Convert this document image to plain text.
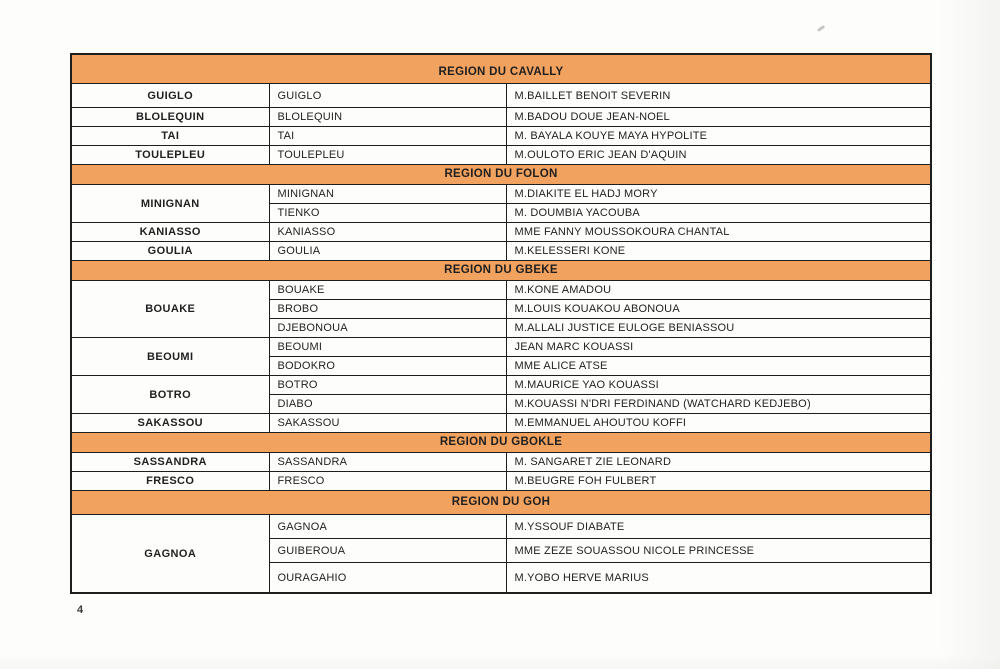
REGION DU CAVALLY		
GUIGLO	GUIGLO	M.BAILLET BENOIT SEVERIN
BLOLEQUIN	BLOLEQUIN	M.BADOU DOUE JEAN-NOEL
TAI	TAI	M. BAYALA KOUYE MAYA HYPOLITE
TOULEPLEU	TOULEPLEU	M.OULOTO ERIC JEAN D'AQUIN
REGION DU FOLON		
MINIGNAN	MINIGNAN	M.DIAKITE EL HADJ MORY
	TIENKO	M. DOUMBIA YACOUBA
KANIASSO	KANIASSO	MME FANNY MOUSSOKOURA CHANTAL
GOULIA	GOULIA	M.KELESSERI KONE
REGION DU GBEKE		
BOUAKE	BOUAKE	M.KONE AMADOU
	BROBO	M.LOUIS KOUAKOU ABONOUA
	DJEBONOUA	M.ALLALI JUSTICE EULOGE BENIASSOU
BEOUMI	BEOUMI	JEAN MARC KOUASSI
	BODOKRO	MME ALICE ATSE
BOTRO	BOTRO	M.MAURICE YAO KOUASSI
	DIABO	M.KOUASSI N'DRI FERDINAND (WATCHARD KEDJEBO)
SAKASSOU	SAKASSOU	M.EMMANUEL AHOUTOU KOFFI
REGION DU GBOKLE		
SASSANDRA	SASSANDRA	M. SANGARET ZIE LEONARD
FRESCO	FRESCO	M.BEUGRE FOH FULBERT
REGION DU GOH		
GAGNOA	GAGNOA	M.YSSOUF DIABATE
	GUIBEROUA	MME ZEZE SOUASSOU NICOLE PRINCESSE
	OURAGAHIO	M.YOBO HERVE MARIUS
4
